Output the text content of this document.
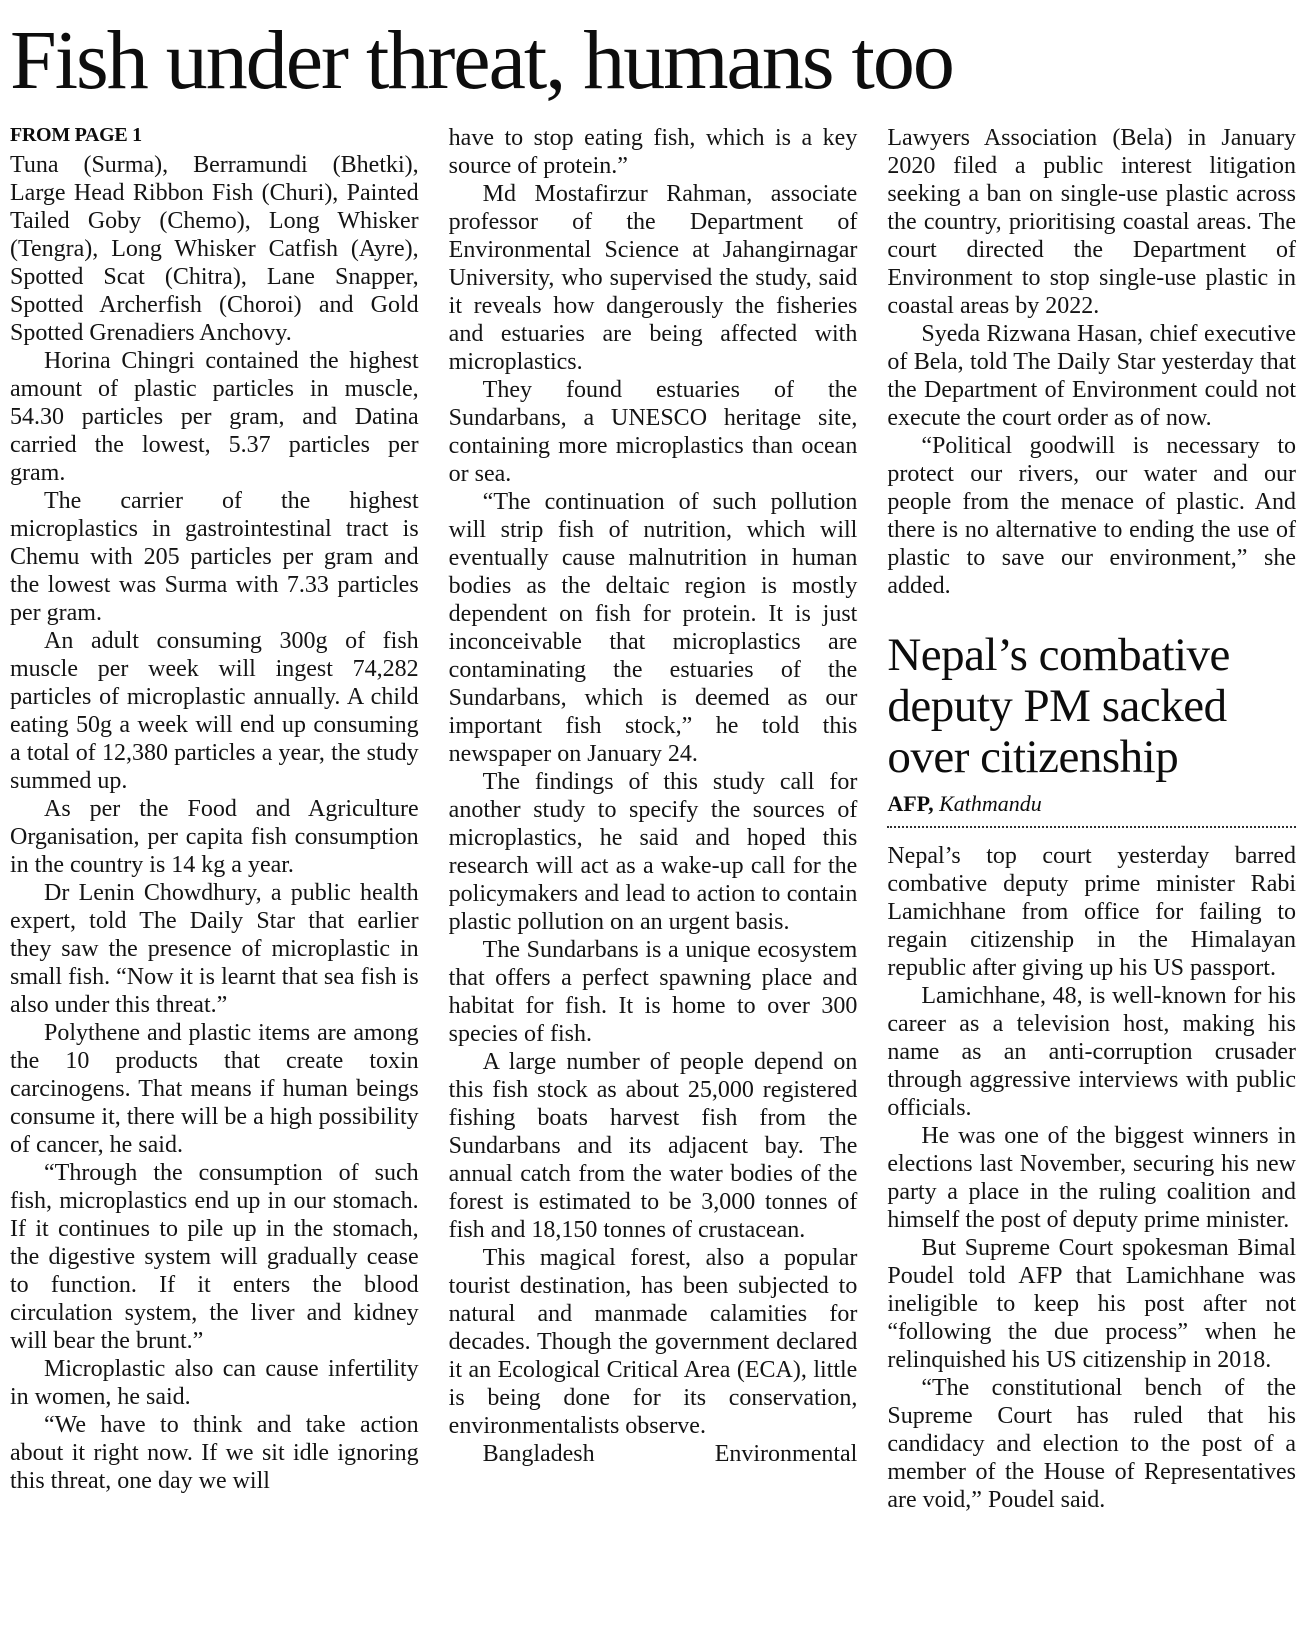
Fish under threat, humans too
FROM PAGE 1

Tuna (Surma), Berramundi (Bhetki), Large Head Ribbon Fish (Churi), Painted Tailed Goby (Chemo), Long Whisker (Tengra), Long Whisker Catfish (Ayre), Spotted Scat (Chitra), Lane Snapper, Spotted Archerfish (Choroi) and Gold Spotted Grenadiers Anchovy.

Horina Chingri contained the highest amount of plastic particles in muscle, 54.30 particles per gram, and Datina carried the lowest, 5.37 particles per gram.

The carrier of the highest microplastics in gastrointestinal tract is Chemu with 205 particles per gram and the lowest was Surma with 7.33 particles per gram.

An adult consuming 300g of fish muscle per week will ingest 74,282 particles of microplastic annually. A child eating 50g a week will end up consuming a total of 12,380 particles a year, the study summed up.

As per the Food and Agriculture Organisation, per capita fish consumption in the country is 14 kg a year.

Dr Lenin Chowdhury, a public health expert, told The Daily Star that earlier they saw the presence of microplastic in small fish. “Now it is learnt that sea fish is also under this threat.”

Polythene and plastic items are among the 10 products that create toxin carcinogens. That means if human beings consume it, there will be a high possibility of cancer, he said.

“Through the consumption of such fish, microplastics end up in our stomach. If it continues to pile up in the stomach, the digestive system will gradually cease to function. If it enters the blood circulation system, the liver and kidney will bear the brunt.”

Microplastic also can cause infertility in women, he said.

“We have to think and take action about it right now. If we sit idle ignoring this threat, one day we will

have to stop eating fish, which is a key source of protein.”

Md Mostafirzur Rahman, associate professor of the Department of Environmental Science at Jahangirnagar University, who supervised the study, said it reveals how dangerously the fisheries and estuaries are being affected with microplastics.

They found estuaries of the Sundarbans, a UNESCO heritage site, containing more microplastics than ocean or sea.

“The continuation of such pollution will strip fish of nutrition, which will eventually cause malnutrition in human bodies as the deltaic region is mostly dependent on fish for protein. It is just inconceivable that microplastics are contaminating the estuaries of the Sundarbans, which is deemed as our important fish stock,” he told this newspaper on January 24.

The findings of this study call for another study to specify the sources of microplastics, he said and hoped this research will act as a wake-up call for the policymakers and lead to action to contain plastic pollution on an urgent basis.

The Sundarbans is a unique ecosystem that offers a perfect spawning place and habitat for fish. It is home to over 300 species of fish.

A large number of people depend on this fish stock as about 25,000 registered fishing boats harvest fish from the Sundarbans and its adjacent bay. The annual catch from the water bodies of the forest is estimated to be 3,000 tonnes of fish and 18,150 tonnes of crustacean.

This magical forest, also a popular tourist destination, has been subjected to natural and manmade calamities for decades. Though the government declared it an Ecological Critical Area (ECA), little is being done for its conservation, environmentalists observe.

Bangladesh Environmental

Lawyers Association (Bela) in January 2020 filed a public interest litigation seeking a ban on single-use plastic across the country, prioritising coastal areas. The court directed the Department of Environment to stop single-use plastic in coastal areas by 2022.

Syeda Rizwana Hasan, chief executive of Bela, told The Daily Star yesterday that the Department of Environment could not execute the court order as of now.

“Political goodwill is necessary to protect our rivers, our water and our people from the menace of plastic. And there is no alternative to ending the use of plastic to save our environment,” she added.

Nepal’s combative deputy PM sacked over citizenship
AFP, Kathmandu

Nepal’s top court yesterday barred combative deputy prime minister Rabi Lamichhane from office for failing to regain citizenship in the Himalayan republic after giving up his US passport.

Lamichhane, 48, is well-known for his career as a television host, making his name as an anti-corruption crusader through aggressive interviews with public officials.

He was one of the biggest winners in elections last November, securing his new party a place in the ruling coalition and himself the post of deputy prime minister.

But Supreme Court spokesman Bimal Poudel told AFP that Lamichhane was ineligible to keep his post after not “following the due process” when he relinquished his US citizenship in 2018.

“The constitutional bench of the Supreme Court has ruled that his candidacy and election to the post of a member of the House of Representatives are void,” Poudel said.
